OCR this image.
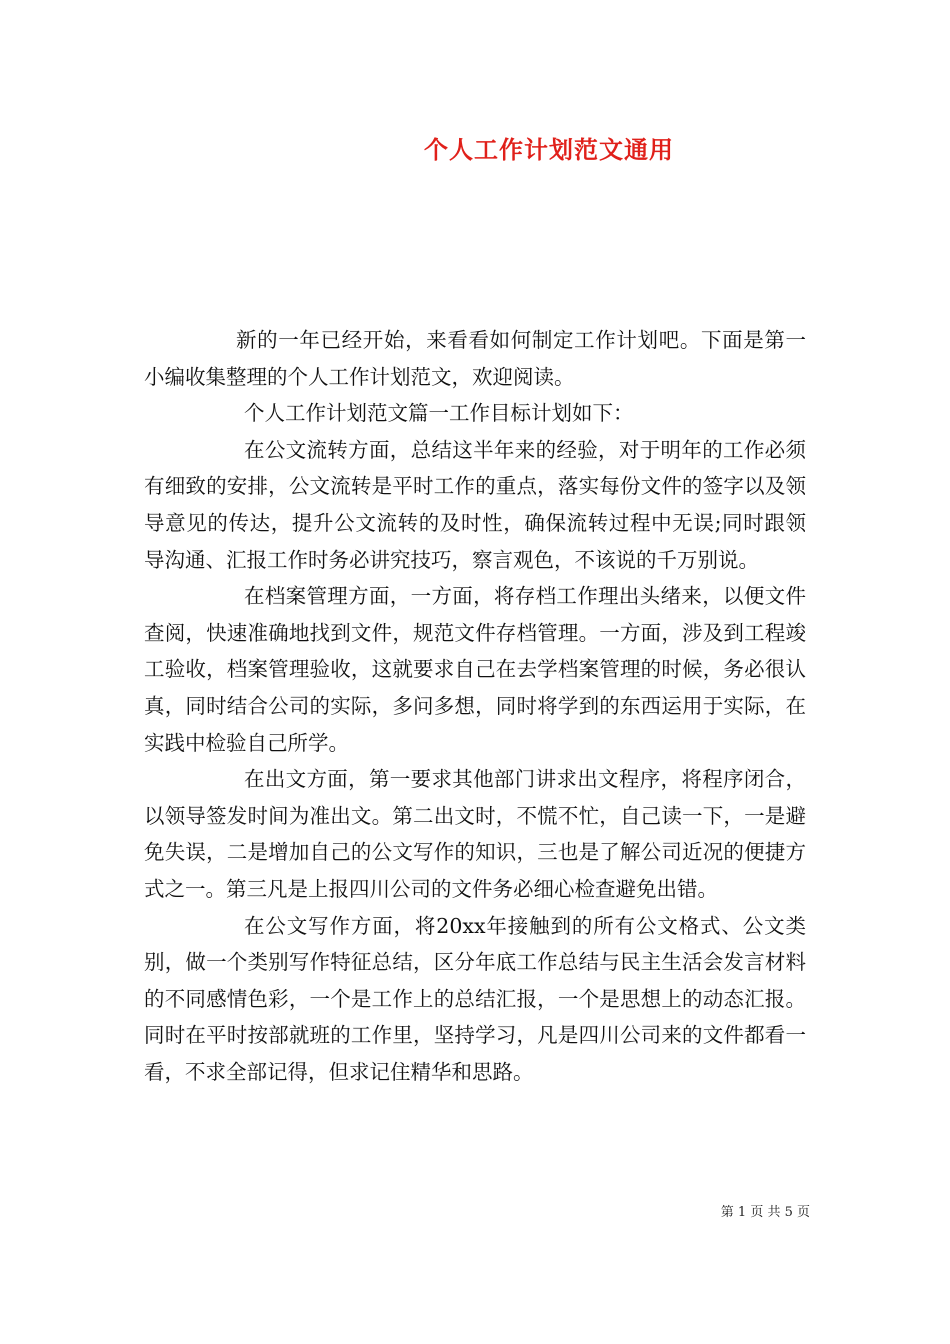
个人工作计划范文通用

新的一年已经开始，来看看如何制定工作计划吧。下面是第一小编收集整理的个人工作计划范文，欢迎阅读。

个人工作计划范文篇一工作目标计划如下：

在公文流转方面，总结这半年来的经验，对于明年的工作必须有细致的安排，公文流转是平时工作的重点，落实每份文件的签字以及领导意见的传达，提升公文流转的及时性，确保流转过程中无误;同时跟领导沟通、汇报工作时务必讲究技巧，察言观色，不该说的千万别说。

在档案管理方面，一方面，将存档工作理出头绪来，以便文件查阅，快速准确地找到文件，规范文件存档管理。一方面，涉及到工程竣工验收，档案管理验收，这就要求自己在去学档案管理的时候，务必很认真，同时结合公司的实际，多问多想，同时将学到的东西运用于实际，在实践中检验自己所学。

在出文方面，第一要求其他部门讲求出文程序，将程序闭合，以领导签发时间为准出文。第二出文时，不慌不忙，自己读一下，一是避免失误，二是增加自己的公文写作的知识，三也是了解公司近况的便捷方式之一。第三凡是上报四川公司的文件务必细心检查避免出错。

在公文写作方面，将20xx年接触到的所有公文格式、公文类别，做一个类别写作特征总结，区分年底工作总结与民主生活会发言材料的不同感情色彩，一个是工作上的总结汇报，一个是思想上的动态汇报。同时在平时按部就班的工作里，坚持学习，凡是四川公司来的文件都看一看，不求全部记得，但求记住精华和思路。

第 1 页 共 5 页
